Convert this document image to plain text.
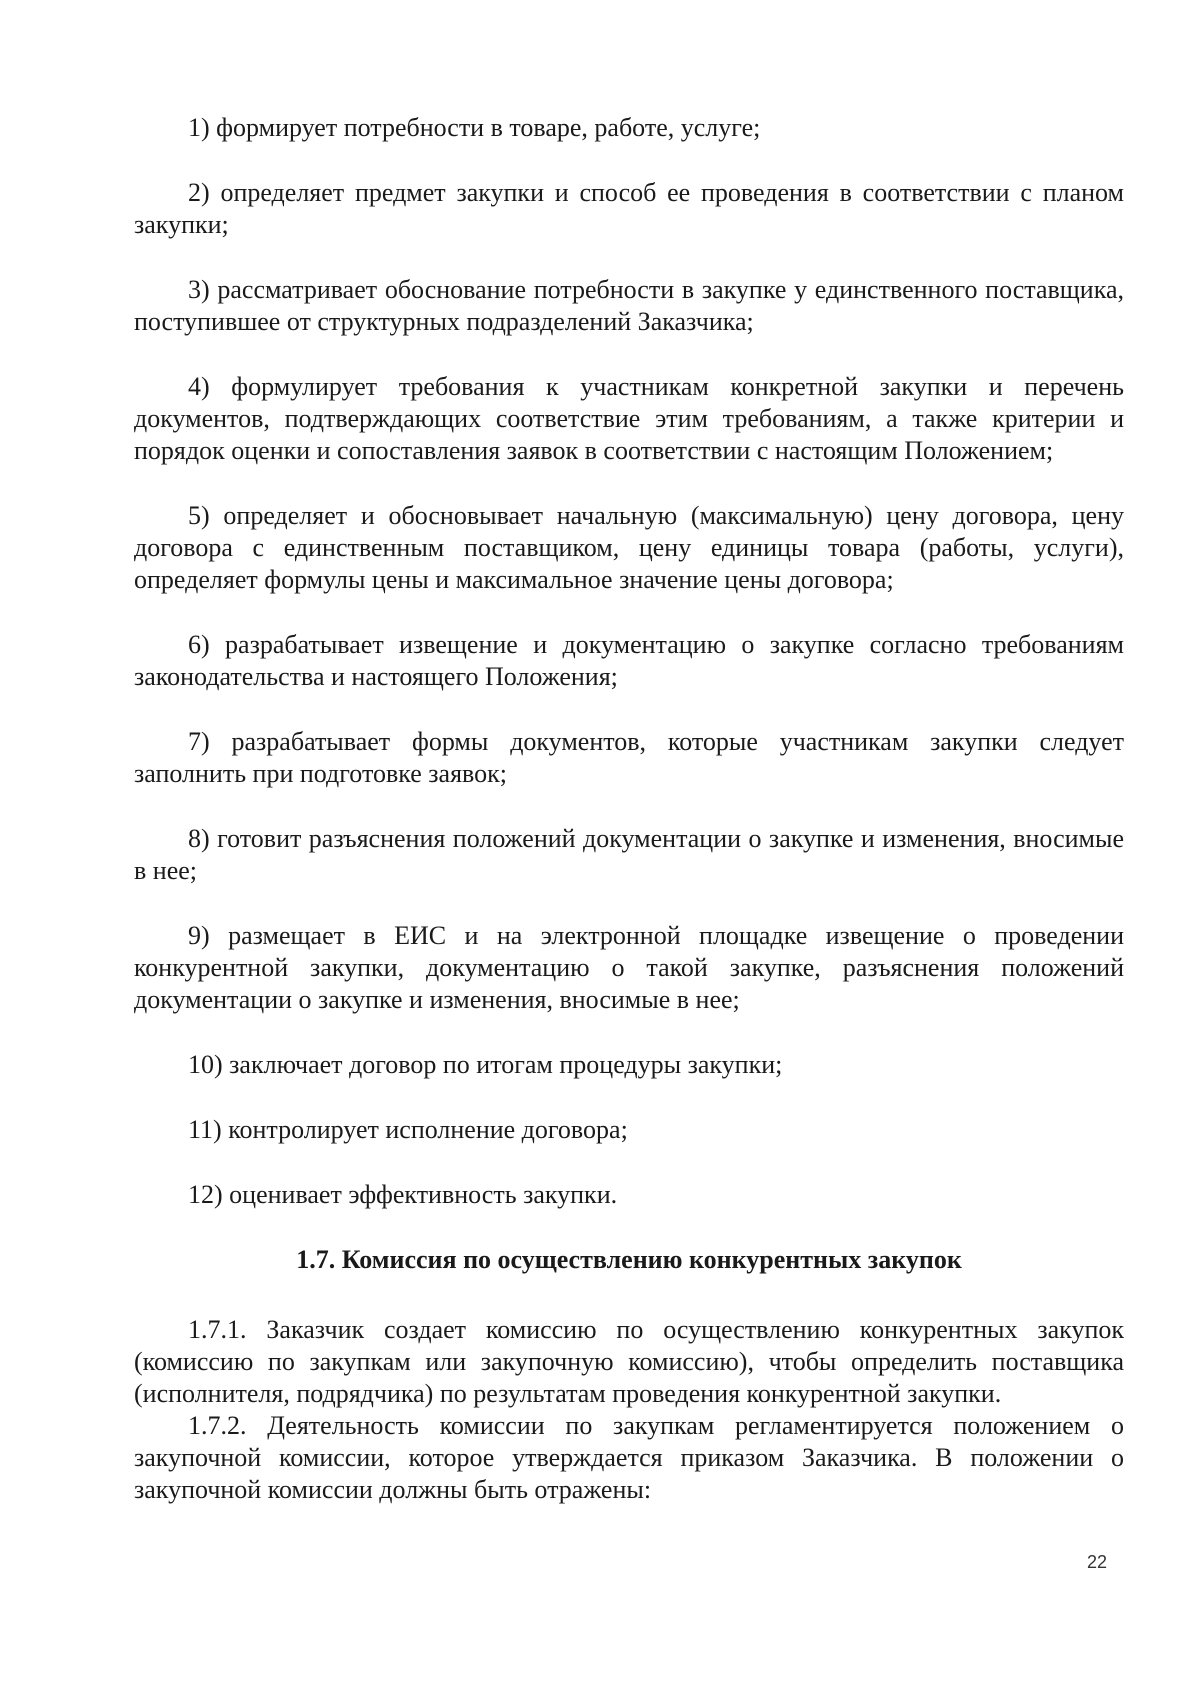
1) формирует потребности в товаре, работе, услуге;

2) определяет предмет закупки и способ ее проведения в соответствии с планом закупки;

3) рассматривает обоснование потребности в закупке у единственного поставщика, поступившее от структурных подразделений Заказчика;

4) формулирует требования к участникам конкретной закупки и перечень документов, подтверждающих соответствие этим требованиям, а также критерии и порядок оценки и сопоставления заявок в соответствии с настоящим Положением;

5) определяет и обосновывает начальную (максимальную) цену договора, цену договора с единственным поставщиком, цену единицы товара (работы, услуги), определяет формулы цены и максимальное значение цены договора;

6) разрабатывает извещение и документацию о закупке согласно требованиям законодательства и настоящего Положения;

7) разрабатывает формы документов, которые участникам закупки следует заполнить при подготовке заявок;

8) готовит разъяснения положений документации о закупке и изменения, вносимые в нее;

9) размещает в ЕИС и на электронной площадке извещение о проведении конкурентной закупки, документацию о такой закупке, разъяснения положений документации о закупке и изменения, вносимые в нее;

10) заключает договор по итогам процедуры закупки;

11) контролирует исполнение договора;

12) оценивает эффективность закупки.

1.7. Комиссия по осуществлению конкурентных закупок

1.7.1. Заказчик создает комиссию по осуществлению конкурентных закупок (комиссию по закупкам или закупочную комиссию), чтобы определить поставщика (исполнителя, подрядчика) по результатам проведения конкурентной закупки.

1.7.2. Деятельность комиссии по закупкам регламентируется положением о закупочной комиссии, которое утверждается приказом Заказчика. В положении о закупочной комиссии должны быть отражены:

22
